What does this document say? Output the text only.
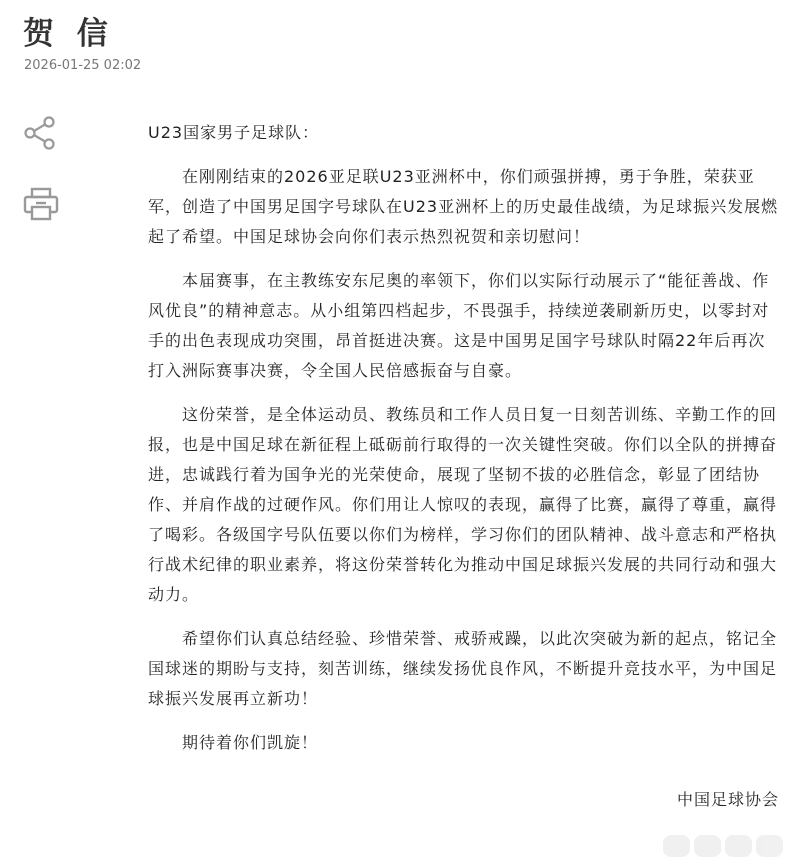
贺 信
2026-01-25 02:02
U23国家男子足球队：
在刚刚结束的2026亚足联U23亚洲杯中，你们顽强拼搏，勇于争胜，荣获亚
军，创造了中国男足国字号球队在U23亚洲杯上的历史最佳战绩，为足球振兴发展燃
起了希望。中国足球协会向你们表示热烈祝贺和亲切慰问！
本届赛事，在主教练安东尼奥的率领下，你们以实际行动展示了“能征善战、作
风优良”的精神意志。从小组第四档起步，不畏强手，持续逆袭刷新历史，以零封对
手的出色表现成功突围，昂首挺进决赛。这是中国男足国字号球队时隔22年后再次
打入洲际赛事决赛，令全国人民倍感振奋与自豪。
这份荣誉，是全体运动员、教练员和工作人员日复一日刻苦训练、辛勤工作的回
报，也是中国足球在新征程上砥砺前行取得的一次关键性突破。你们以全队的拼搏奋
进，忠诚践行着为国争光的光荣使命，展现了坚韧不拔的必胜信念，彰显了团结协
作、并肩作战的过硬作风。你们用让人惊叹的表现，赢得了比赛，赢得了尊重，赢得
了喝彩。各级国字号队伍要以你们为榜样，学习你们的团队精神、战斗意志和严格执
行战术纪律的职业素养，将这份荣誉转化为推动中国足球振兴发展的共同行动和强大
动力。
希望你们认真总结经验、珍惜荣誉、戒骄戒躁，以此次突破为新的起点，铭记全
国球迷的期盼与支持，刻苦训练，继续发扬优良作风，不断提升竞技水平，为中国足
球振兴发展再立新功！
期待着你们凯旋！
中国足球协会
